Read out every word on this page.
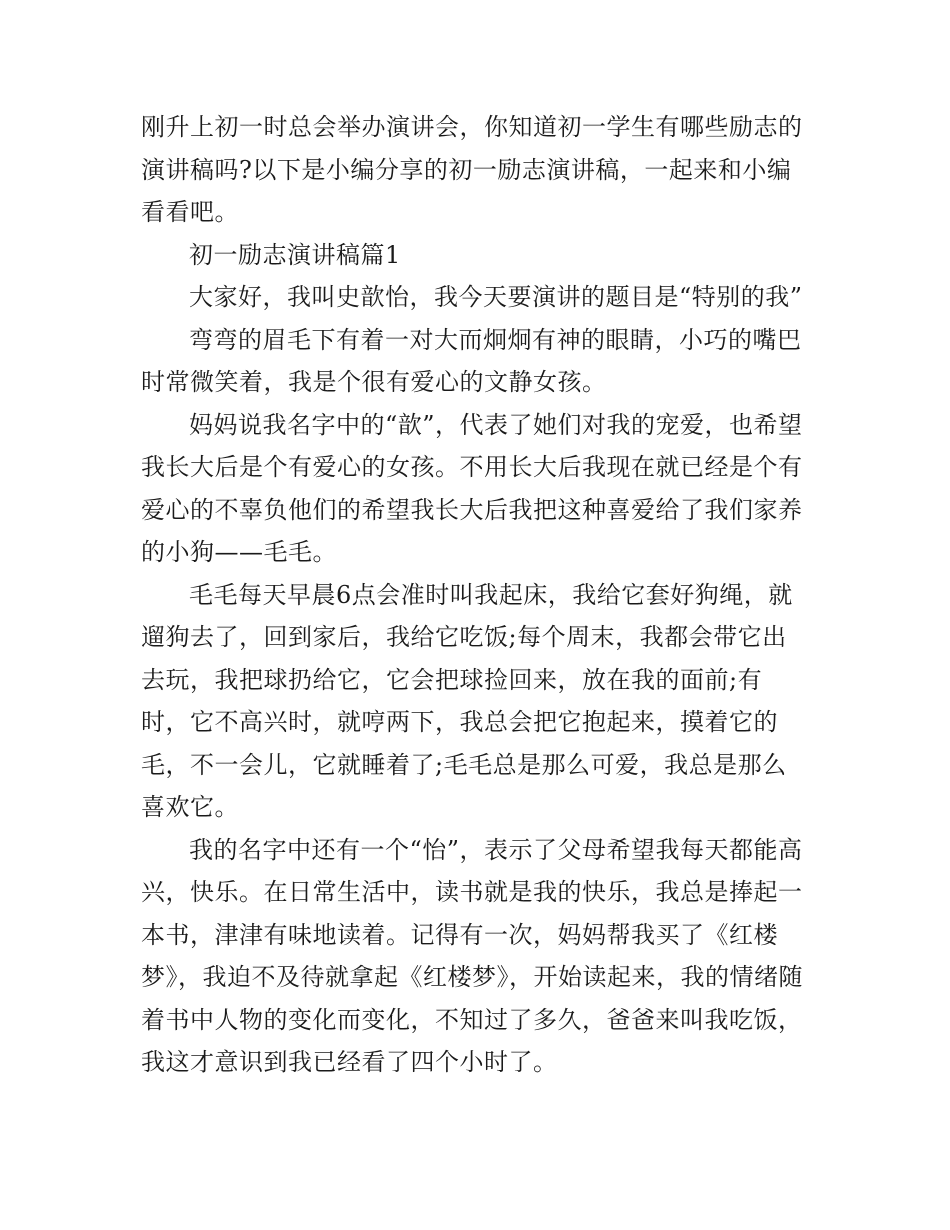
刚升上初一时总会举办演讲会，你知道初一学生有哪些励志的演讲稿吗?以下是小编分享的初一励志演讲稿，一起来和小编看看吧。

初一励志演讲稿篇1

大家好，我叫史歆怡，我今天要演讲的题目是“特别的我”

弯弯的眉毛下有着一对大而炯炯有神的眼睛，小巧的嘴巴时常微笑着，我是个很有爱心的文静女孩。

妈妈说我名字中的“歆”，代表了她们对我的宠爱，也希望我长大后是个有爱心的女孩。不用长大后我现在就已经是个有爱心的不辜负他们的希望我长大后我把这种喜爱给了我们家养的小狗——毛毛。

毛毛每天早晨6点会准时叫我起床，我给它套好狗绳，就遛狗去了，回到家后，我给它吃饭;每个周末，我都会带它出去玩，我把球扔给它，它会把球捡回来，放在我的面前;有时，它不高兴时，就哼两下，我总会把它抱起来，摸着它的毛，不一会儿，它就睡着了;毛毛总是那么可爱，我总是那么喜欢它。

我的名字中还有一个“怡”，表示了父母希望我每天都能高兴，快乐。在日常生活中，读书就是我的快乐，我总是捧起一本书，津津有味地读着。记得有一次，妈妈帮我买了《红楼梦》，我迫不及待就拿起《红楼梦》，开始读起来，我的情绪随着书中人物的变化而变化，不知过了多久，爸爸来叫我吃饭，我这才意识到我已经看了四个小时了。
